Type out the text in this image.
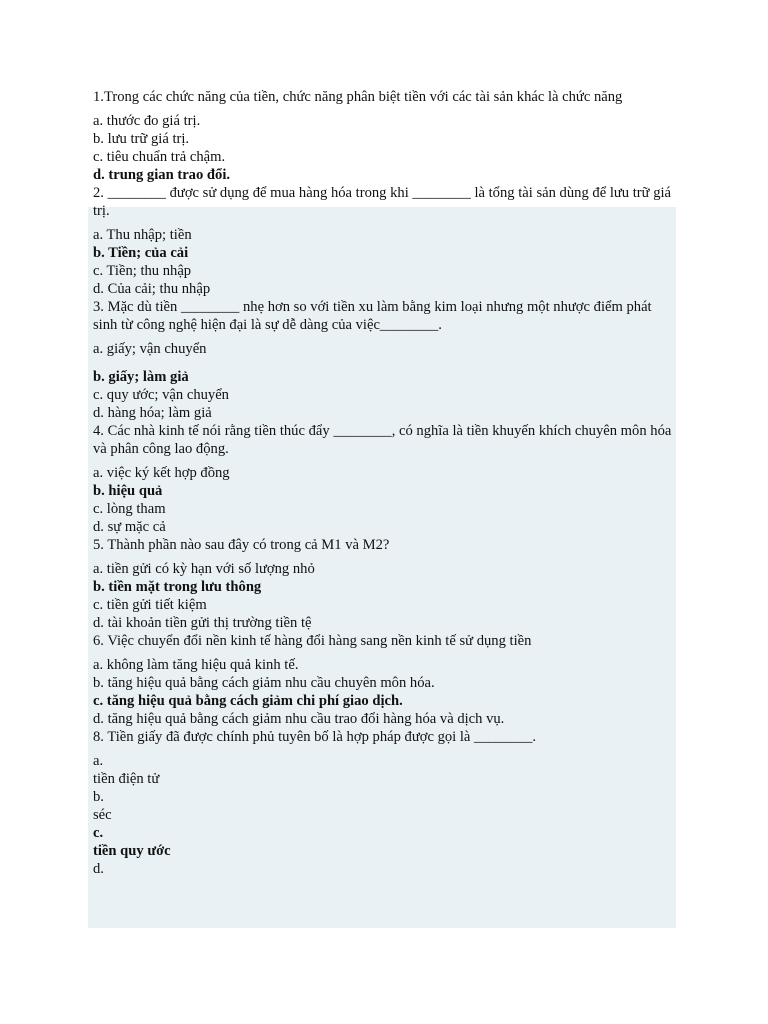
1.Trong các chức năng của tiền, chức năng phân biệt tiền với các tài sản khác là chức năng

a. thước đo giá trị.

b. lưu trữ giá trị.

c. tiêu chuẩn trả chậm.

d. trung gian trao đổi.

2. ________ được sử dụng để mua hàng hóa trong khi ________ là tổng tài sản dùng để lưu trữ giá trị.

a. Thu nhập; tiền

b. Tiền; của cải

c. Tiền; thu nhập

d. Của cải; thu nhập

3. Mặc dù tiền ________ nhẹ hơn so với tiền xu làm bằng kim loại nhưng một nhược điểm phát sinh từ công nghệ hiện đại là sự dễ dàng của việc________.

a. giấy; vận chuyển

b. giấy; làm giả

c. quy ước; vận chuyển

d. hàng hóa; làm giả

4. Các nhà kinh tế nói rằng tiền thúc đẩy ________, có nghĩa là tiền khuyến khích chuyên môn hóa và phân công lao động.

a. việc ký kết hợp đồng

b. hiệu quả

c. lòng tham

d. sự mặc cả

5. Thành phần nào sau đây có trong cả M1 và M2?

a. tiền gửi có kỳ hạn với số lượng nhỏ

b. tiền mặt trong lưu thông

c. tiền gửi tiết kiệm

d. tài khoản tiền gửi thị trường tiền tệ

6. Việc chuyển đổi nền kinh tế hàng đổi hàng sang nền kinh tế sử dụng tiền

a. không làm tăng hiệu quả kinh tế.

b. tăng hiệu quả bằng cách giảm nhu cầu chuyên môn hóa.

c. tăng hiệu quả bằng cách giảm chi phí giao dịch.

d. tăng hiệu quả bằng cách giảm nhu cầu trao đổi hàng hóa và dịch vụ.

8. Tiền giấy đã được chính phủ tuyên bố là hợp pháp được gọi là ________.

a.

tiền điện tử

b.

séc

c.

tiền quy ước

d.
